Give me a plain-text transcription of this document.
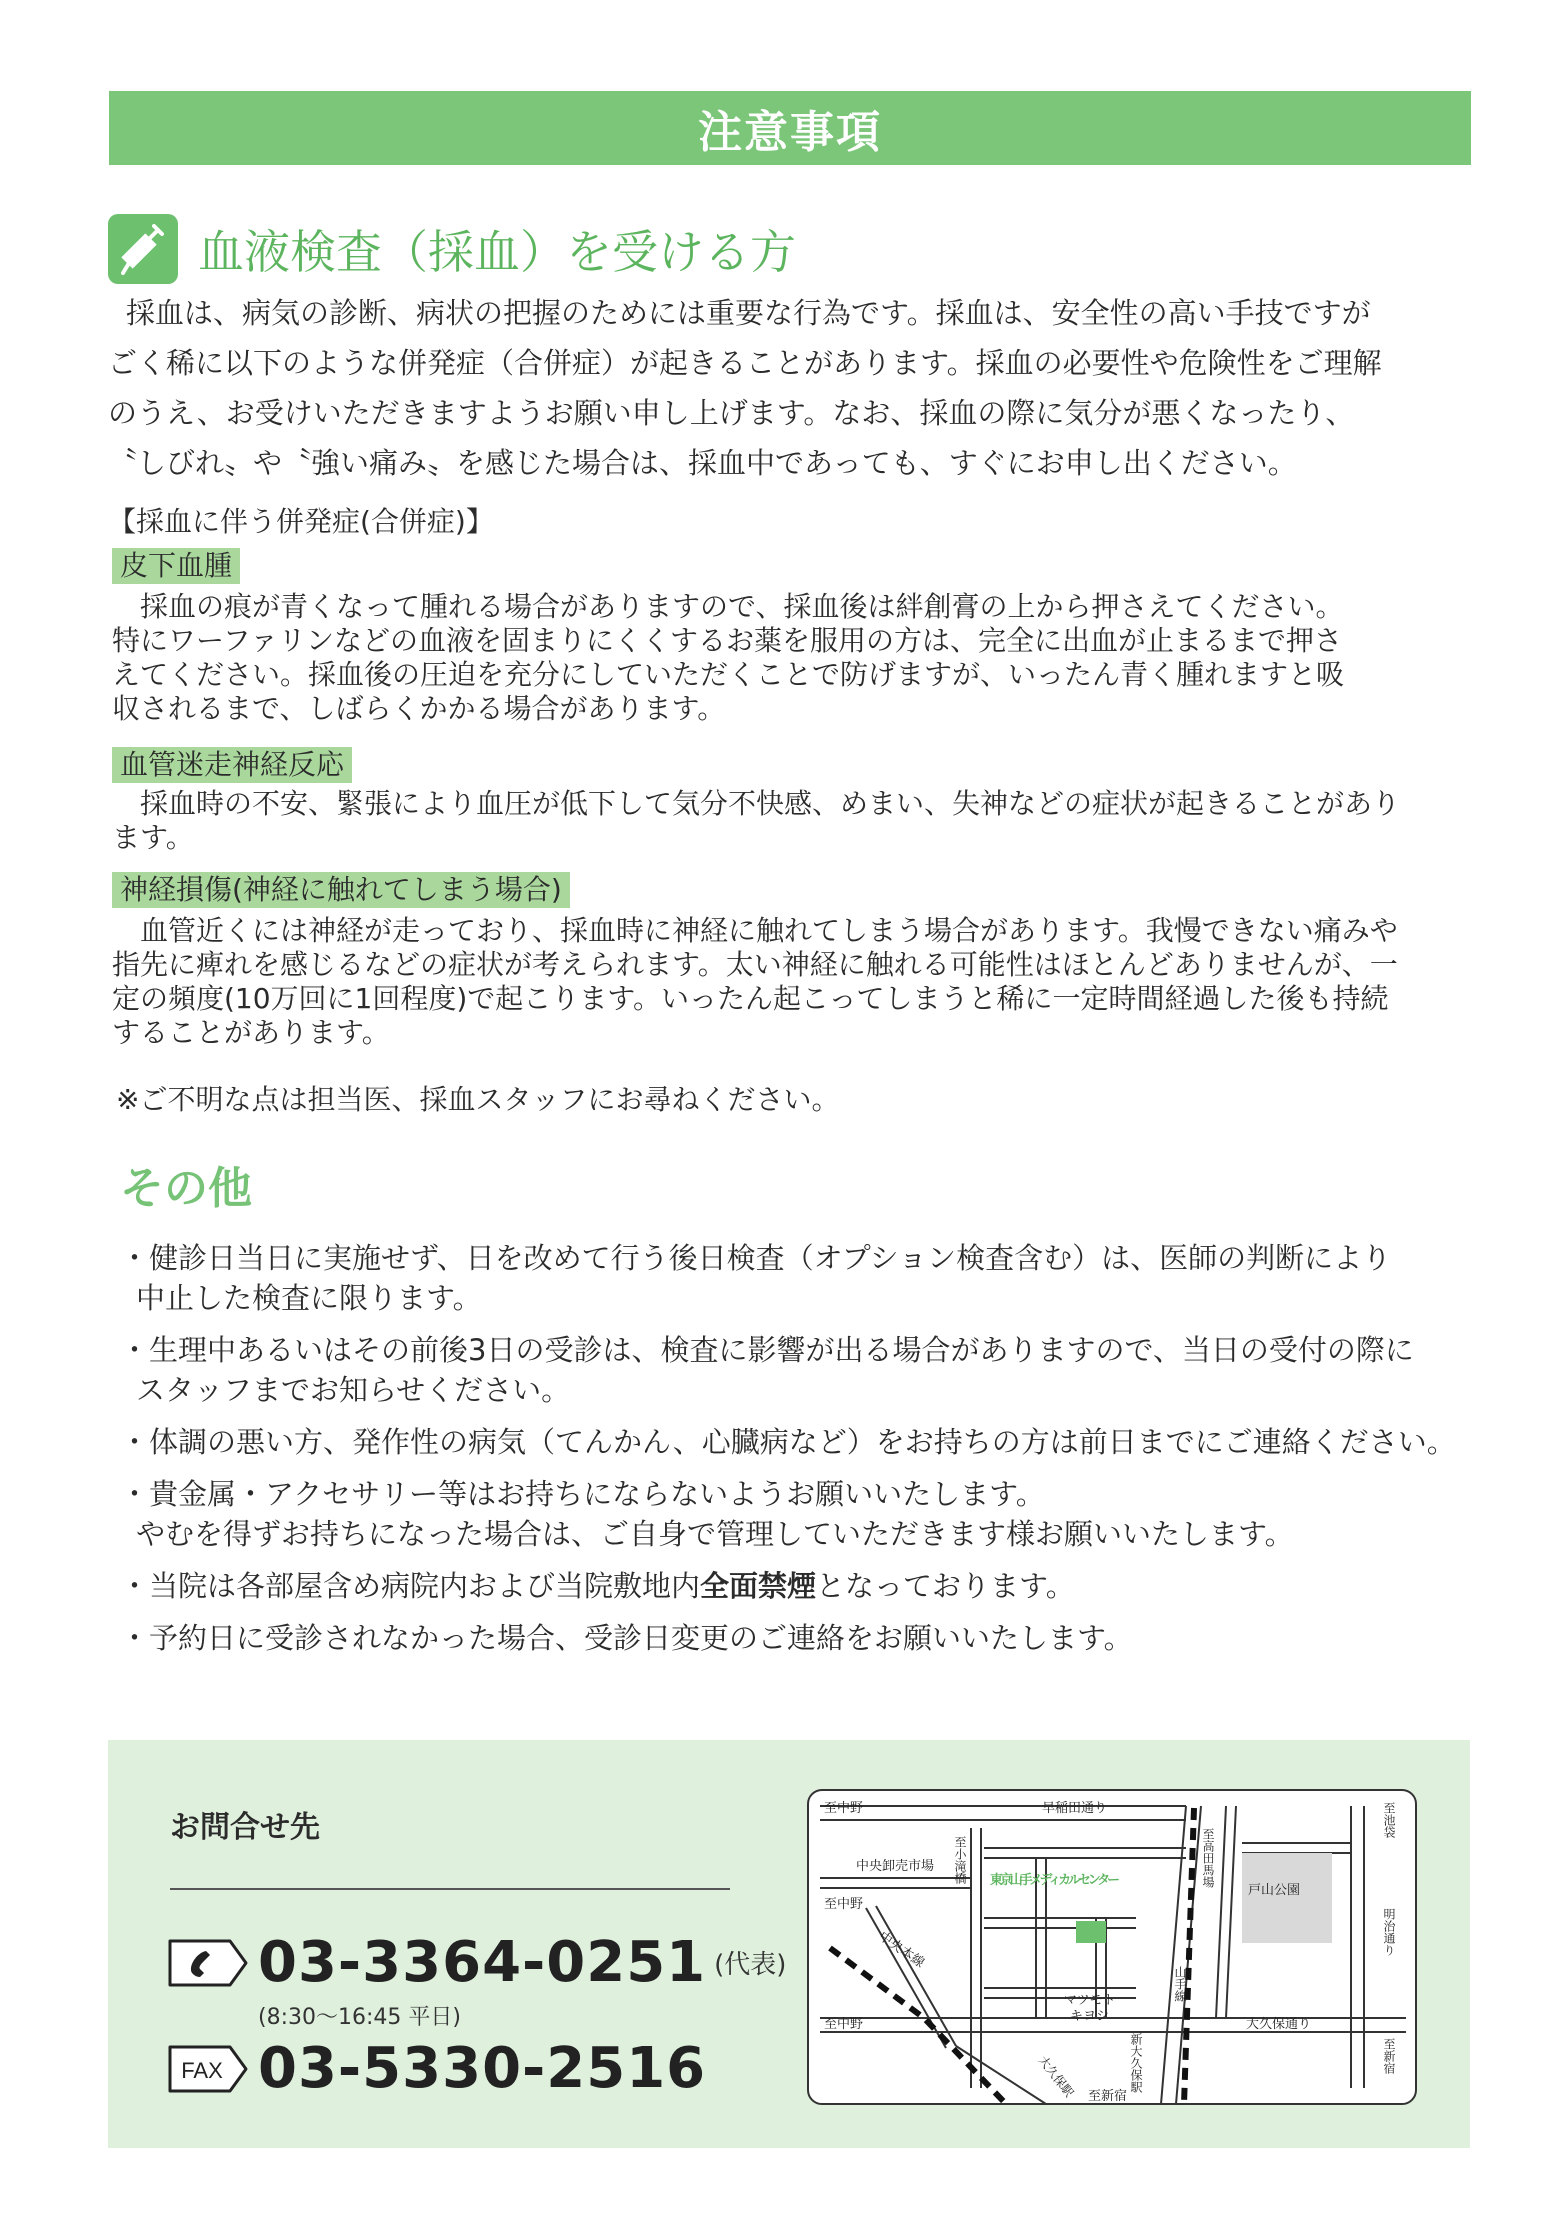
注意事項
血液検査（採血）を受ける方

採血は、病気の診断、病状の把握のためには重要な行為です。採血は、安全性の高い手技ですが

ごく稀に以下のような併発症（合併症）が起きることがあります。採血の必要性や危険性をご理解

のうえ、お受けいただきますようお願い申し上げます。なお、採血の際に気分が悪くなったり、

〝しびれ〟や〝強い痛み〟を感じた場合は、採血中であっても、すぐにお申し出ください。

【採血に伴う併発症(合併症)】
皮下血腫

採血の痕が青くなって腫れる場合がありますので、採血後は絆創膏の上から押さえてください。

特にワーファリンなどの血液を固まりにくくするお薬を服用の方は、完全に出血が止まるまで押さ

えてください。採血後の圧迫を充分にしていただくことで防げますが、いったん青く腫れますと吸

収されるまで、しばらくかかる場合があります。

血管迷走神経反応

採血時の不安、緊張により血圧が低下して気分不快感、めまい、失神などの症状が起きることがあり

ます。

神経損傷(神経に触れてしまう場合)

血管近くには神経が走っており、採血時に神経に触れてしまう場合があります。我慢できない痛みや

指先に痺れを感じるなどの症状が考えられます。太い神経に触れる可能性はほとんどありませんが、一

定の頻度(10万回に1回程度)で起こります。いったん起こってしまうと稀に一定時間経過した後も持続

することがあります。

※ご不明な点は担当医、採血スタッフにお尋ねください。
その他

・健診日当日に実施せず、日を改めて行う後日検査（オプション検査含む）は、医師の判断により

中止した検査に限ります。

・生理中あるいはその前後3日の受診は、検査に影響が出る場合がありますので、当日の受付の際に

スタッフまでお知らせください。

・体調の悪い方、発作性の病気（てんかん、心臓病など）をお持ちの方は前日までにご連絡ください。

・貴金属・アクセサリー等はお持ちにならないようお願いいたします。

やむを得ずお持ちになった場合は、ご自身で管理していただきます様お願いいたします。

・当院は各部屋含め病院内および当院敷地内全面禁煙となっております。

・予約日に受診されなかった場合、受診日変更のご連絡をお願いいたします。

お問合せ先
03-3364-0251 (代表)
(8:30〜16:45 平日)
FAX 03-5330-2516
至中野	早稲田通り
中央卸売市場
至中野
戸山公園
マツモト
キヨシ
至中野	大久保通り
至新宿
至小滝橋	至高田馬場
至池袋
明治通り
山手線
新大久保駅	至新宿
中央本線
大久保駅
東京山手メディカルセンター
